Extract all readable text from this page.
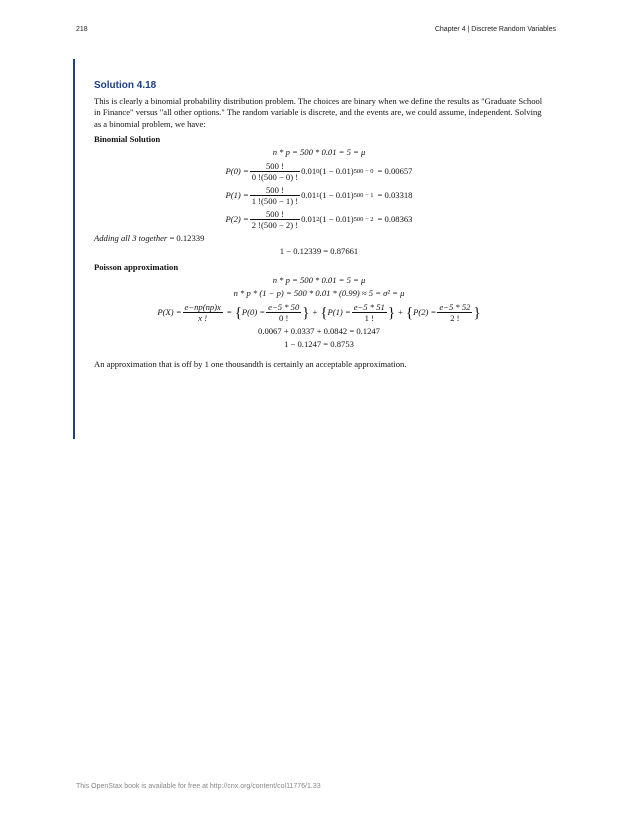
218	Chapter 4 | Discrete Random Variables
Solution 4.18

This is clearly a binomial probability distribution problem. The choices are binary when we define the results as "Graduate School in Finance" versus "all other options." The random variable is discrete, and the events are, we could assume, independent. Solving as a binomial problem, we have:

Binomial Solution

n * p = 500 * 0.01 = 5 = μ
$P(0) = \frac{500 !}{0 !(500 - 0) !} 0.01$ 0 (1 − 0.01) 500 − 0 = 0.00657
$P(1) = \frac{500 !}{1 !(500 - 1) !} 0.01$ 1 (1 − 0.01) 500 − 1 = 0.03318
$P(2) = \frac{500 !}{2 !(500 - 2) !} 0.01$ 2 (1 − 0.01) 500 − 2 = 0.08363

Adding all 3 together = 0.12339

1 − 0.12339 = 0.87661

Poisson approximation

n * p = 500 * 0.01 = 5 = μ
n * p * (1 − p) = 500 * 0.01 * (0.99) ≈ 5 = σ² = μ
$P(X) = \frac{e-np(np)x}{x !}$ = { $P(0) = \frac{e-5 * 50}{0 !}$ } + { $P(1) = \frac{e-5 * 51}{1 !}$ } + { $P(2) = \frac{e-5 * 52}{2 !}$ }
0.0067 + 0.0337 + 0.0842 = 0.1247
1 − 0.1247 = 0.8753

An approximation that is off by 1 one thousandth is certainly an acceptable approximation.

This OpenStax book is available for free at http://cnx.org/content/col11776/1.33
